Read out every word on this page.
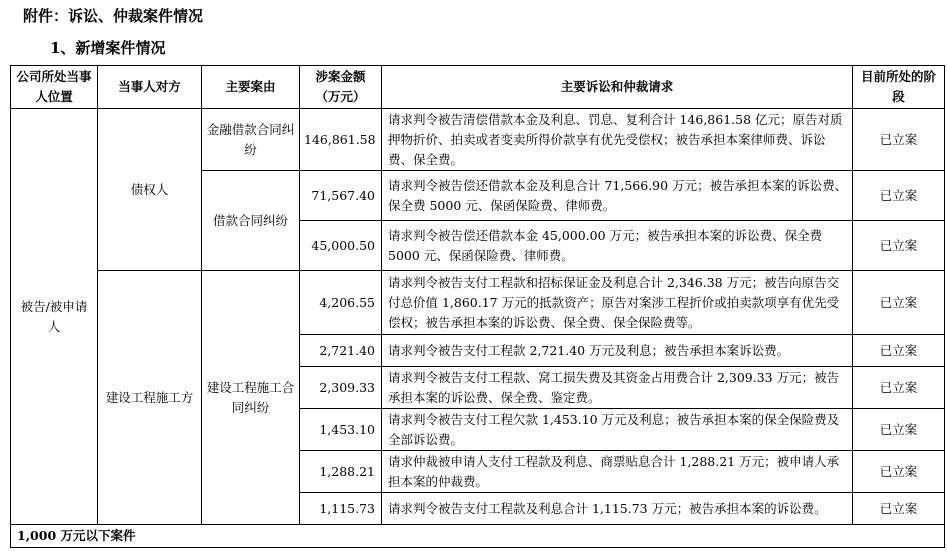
附件：诉讼、仲裁案件情况
1、新增案件情况
公司所处当事人位置	当事人对方	主要案由	涉案金额（万元）	主要诉讼和仲裁请求	目前所处的阶段
被告/被申请人	债权人	金融借款合同纠纷	146,861.58	请求判令被告清偿借款本金及利息、罚息、复利合计 146,861.58 亿元；原告对质押物折价、拍卖或者变卖所得价款享有优先受偿权；被告承担本案律师费、诉讼费、保全费。	已立案
		借款合同纠纷	71,567.40	请求判令被告偿还借款本金及利息合计 71,566.90 万元；被告承担本案的诉讼费、保全费 5000 元、保函保险费、律师费。	已立案
			45,000.50	请求判令被告偿还借款本金 45,000.00 万元；被告承担本案的诉讼费、保全费 5000 元、保函保险费、律师费。	已立案
	建设工程施工方	建设工程施工合同纠纷	4,206.55	请求判令被告支付工程款和招标保证金及利息合计 2,346.38 万元；被告向原告交付总价值 1,860.17 万元的抵款资产；原告对案涉工程折价或拍卖款项享有优先受偿权；被告承担本案的诉讼费、保全费、保全保险费等。	已立案
			2,721.40	请求判令被告支付工程款 2,721.40 万元及利息；被告承担本案诉讼费。	已立案
			2,309.33	请求判令被告支付工程款、窝工损失费及其资金占用费合计 2,309.33 万元；被告承担本案的诉讼费、保全费、鉴定费。	已立案
			1,453.10	请求判令被告支付工程欠款 1,453.10 万元及利息；被告承担本案的保全保险费及全部诉讼费。	已立案
			1,288.21	请求仲裁被申请人支付工程款及利息、商票贴息合计 1,288.21 万元；被申请人承担本案的仲裁费。	已立案
			1,115.73	请求判令被告支付工程款及利息合计 1,115.73 万元；被告承担本案的诉讼费。	已立案
1,000 万元以下案件					
